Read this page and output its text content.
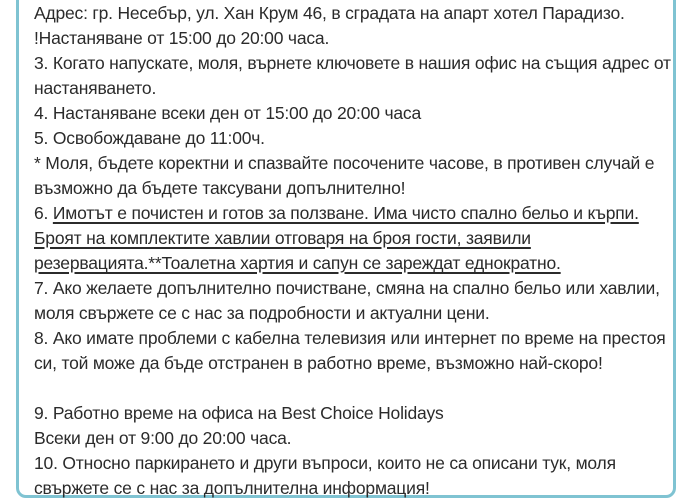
Адрес: гр. Несебър, ул. Хан Крум 46, в сградата на апарт хотел Парадизо.
!Настаняване от 15:00 до 20:00 часа.
3. Когато напускате, моля, върнете ключовете в нашия офис на същия адрес от
настаняването.
4. Настаняване всеки ден от 15:00 до 20:00 часа
5. Освобождаване до 11:00ч.
* Моля, бъдете коректни и спазвайте посочените часове, в противен случай е
възможно да бъдете таксувани допълнително!
6. Имотът е почистен и готов за ползване. Има чисто спално бельо и кърпи.
Броят на комплектите хавлии отговаря на броя гости, заявили
резервацията.**Тоалетна хартия и сапун се зареждат еднократно.
7. Ако желаете допълнително почистване, смяна на спално бельо или хавлии,
моля свържете се с нас за подробности и актуални цени.
8. Ако имате проблеми с кабелна телевизия или интернет по време на престоя
си, той може да бъде отстранен в работно време, възможно най-скоро!
9. Работно време на офиса на Best Choice Holidays
Всеки ден от 9:00 до 20:00 часа.
10. Относно паркирането и други въпроси, които не са описани тук, моля
свържете се с нас за допълнителна информация!
